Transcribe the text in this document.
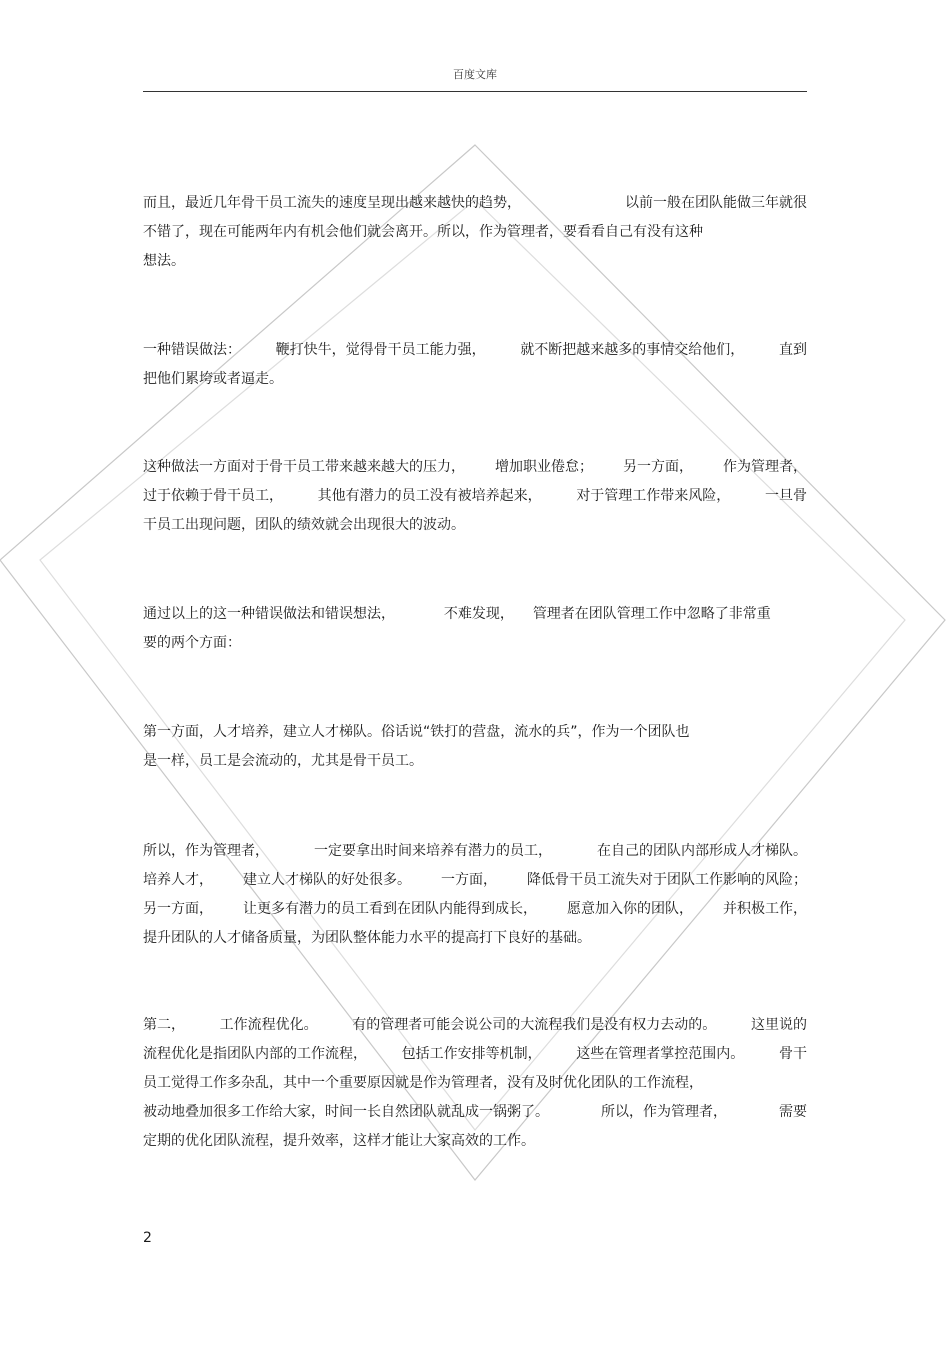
百度文库
而且，最近几年骨干员工流失的速度呈现出越来越快的趋势，	以前一般在团队能做三年就很
不错了，现在可能两年内有机会他们就会离开。所以，作为管理者，要看看自己有没有这种
想法。
一种错误做法： 鞭打快牛，觉得骨干员工能力强， 就不断把越来越多的事情交给他们， 直到
把他们累垮或者逼走。
这种做法一方面对于骨干员工带来越来越大的压力， 增加职业倦怠； 另一方面， 作为管理者，
过于依赖于骨干员工， 其他有潜力的员工没有被培养起来， 对于管理工作带来风险， 一旦骨
干员工出现问题，团队的绩效就会出现很大的波动。
通过以上的这一种错误做法和错误想法，	不难发现， 管理者在团队管理工作中忽略了非常重
要的两个方面：
第一方面，人才培养，建立人才梯队。俗话说“铁打的营盘，流水的兵”，作为一个团队也
是一样，员工是会流动的，尤其是骨干员工。
所以，作为管理者，	一定要拿出时间来培养有潜力的员工，	在自己的团队内部形成人才梯队。
培养人才， 建立人才梯队的好处很多。 一方面， 降低骨干员工流失对于团队工作影响的风险；
另一方面， 让更多有潜力的员工看到在团队内能得到成长， 愿意加入你的团队， 并积极工作，
提升团队的人才储备质量，为团队整体能力水平的提高打下良好的基础。
第二， 工作流程优化。 有的管理者可能会说公司的大流程我们是没有权力去动的。 这里说的
流程优化是指团队内部的工作流程， 包括工作安排等机制， 这些在管理者掌控范围内。 骨干
员工觉得工作多杂乱，其中一个重要原因就是作为管理者，没有及时优化团队的工作流程，
被动地叠加很多工作给大家，时间一长自然团队就乱成一锅粥了。	所以，作为管理者，	需要
定期的优化团队流程，提升效率，这样才能让大家高效的工作。
2
